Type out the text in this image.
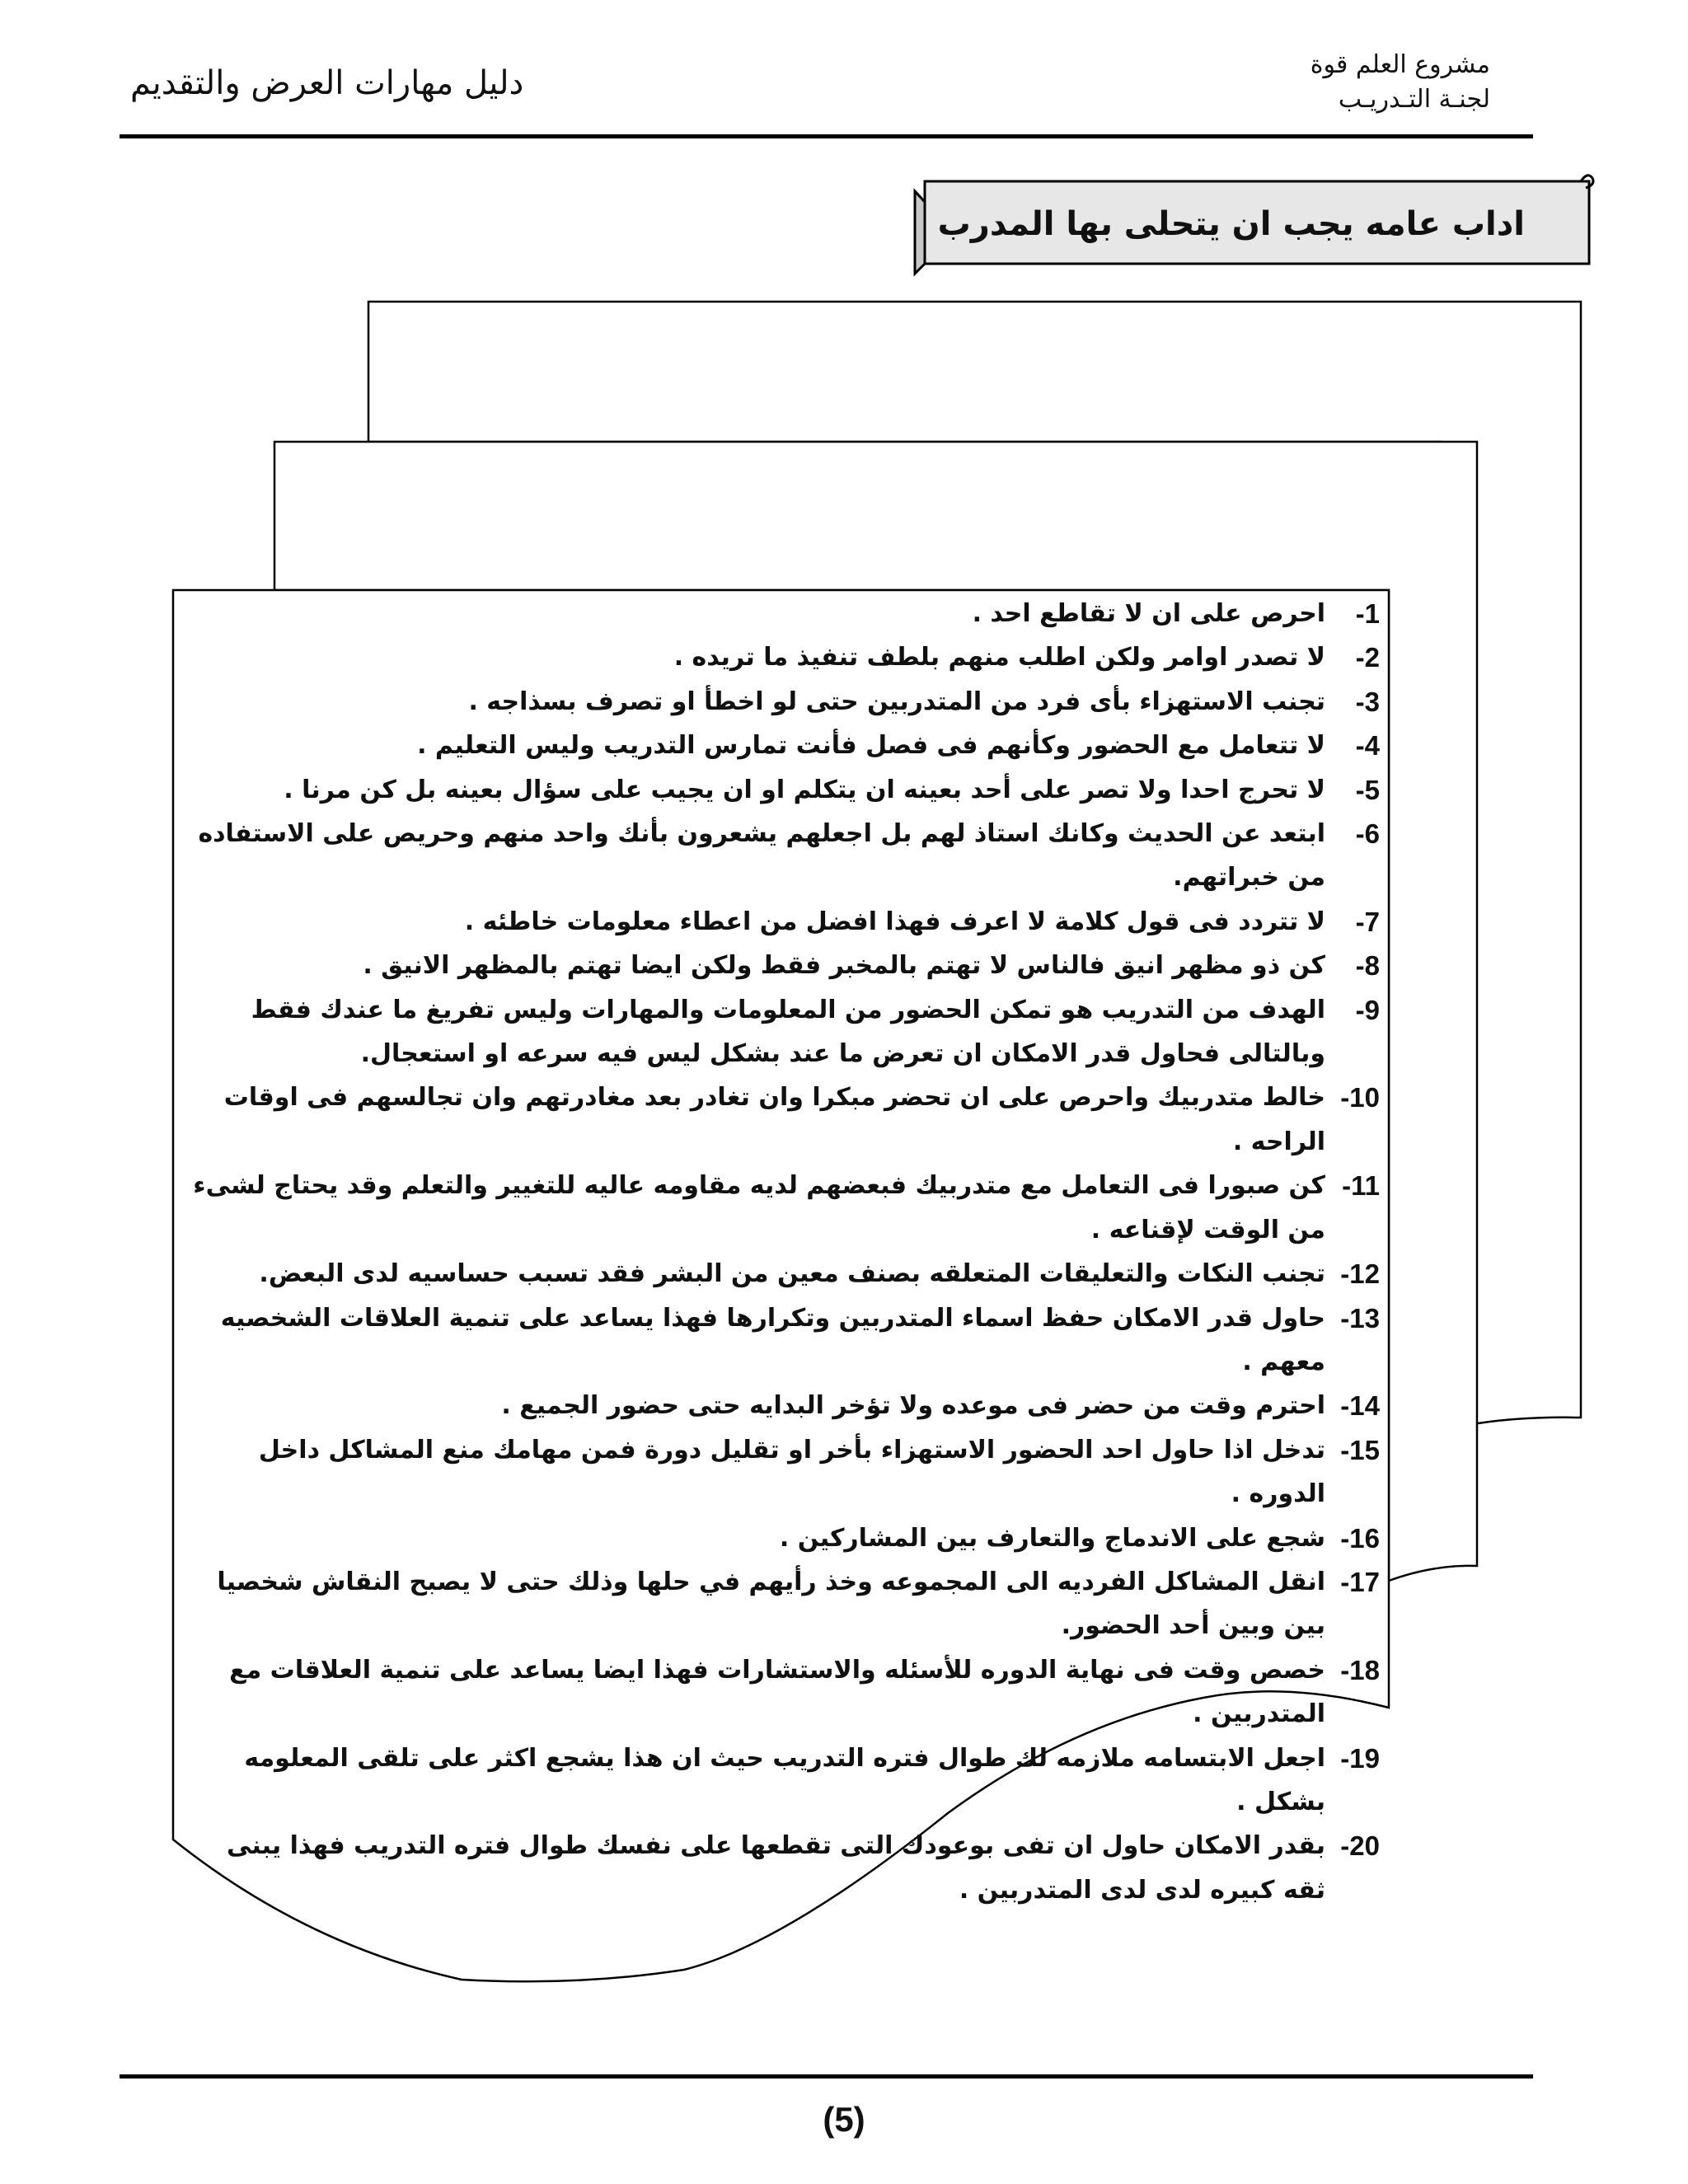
مشروع العلم قوة
لجنـة التـدريـب
دليل مهارات العرض والتقديم
اداب عامه يجب ان يتحلى بها المدرب
-1
احرص على ان لا تقاطع احد .
-2
لا تصدر اوامر ولكن اطلب منهم بلطف تنفيذ ما تريده .
-3
تجنب الاستهزاء بأى فرد من المتدربين حتى لو اخطأ او تصرف بسذاجه .
-4
لا تتعامل مع الحضور وكأنهم فى فصل فأنت تمارس التدريب وليس التعليم .
-5
لا تحرج احدا ولا تصر على أحد بعينه ان يتكلم او ان يجيب على سؤال بعينه بل كن مرنا .
-6
ابتعد عن الحديث وكانك استاذ لهم بل اجعلهم يشعرون بأنك واحد منهم وحريص على الاستفاده من خبراتهم.
-7
لا تتردد فى قول كلامة لا اعرف فهذا افضل من اعطاء معلومات خاطئه .
-8
كن ذو مظهر انيق فالناس لا تهتم بالمخبر فقط ولكن ايضا تهتم بالمظهر الانيق .
-9
الهدف من التدريب هو تمكن الحضور من المعلومات والمهارات وليس تفريغ ما عندك فقط وبالتالى فحاول قدر الامكان ان تعرض ما عند بشكل ليس فيه سرعه او استعجال.
-10
خالط متدربيك واحرص على ان تحضر مبكرا وان تغادر بعد مغادرتهم وان تجالسهم فى اوقات الراحه .
-11
كن صبورا فى التعامل مع متدربيك فبعضهم لديه مقاومه عاليه للتغيير والتعلم وقد يحتاج لشىء من الوقت لإقناعه .
-12
تجنب النكات والتعليقات المتعلقه بصنف معين من البشر فقد تسبب حساسيه لدى البعض.
-13
حاول قدر الامكان حفظ اسماء المتدربين وتكرارها فهذا يساعد على تنمية العلاقات الشخصيه معهم .
-14
احترم وقت من حضر فى موعده ولا تؤخر البدايه حتى حضور الجميع .
-15
تدخل اذا حاول احد الحضور الاستهزاء بأخر او تقليل دورة فمن مهامك منع المشاكل داخل الدوره .
-16
شجع على الاندماج والتعارف بين المشاركين .
-17
انقل المشاكل الفرديه الى المجموعه وخذ رأيهم في حلها وذلك حتى لا يصبح النقاش شخصيا بين وبين أحد الحضور.
-18
خصص وقت فى نهاية الدوره للأسئله والاستشارات فهذا ايضا يساعد على تنمية العلاقات مع المتدربين .
-19
اجعل الابتسامه ملازمه لك طوال فتره التدريب حيث ان هذا يشجع اكثر على تلقى المعلومه بشكل .
-20
بقدر الامكان حاول ان تفى بوعودك التى تقطعها على نفسك طوال فتره التدريب فهذا يبنى ثقه كبيره لدى لدى المتدربين .
(5)
